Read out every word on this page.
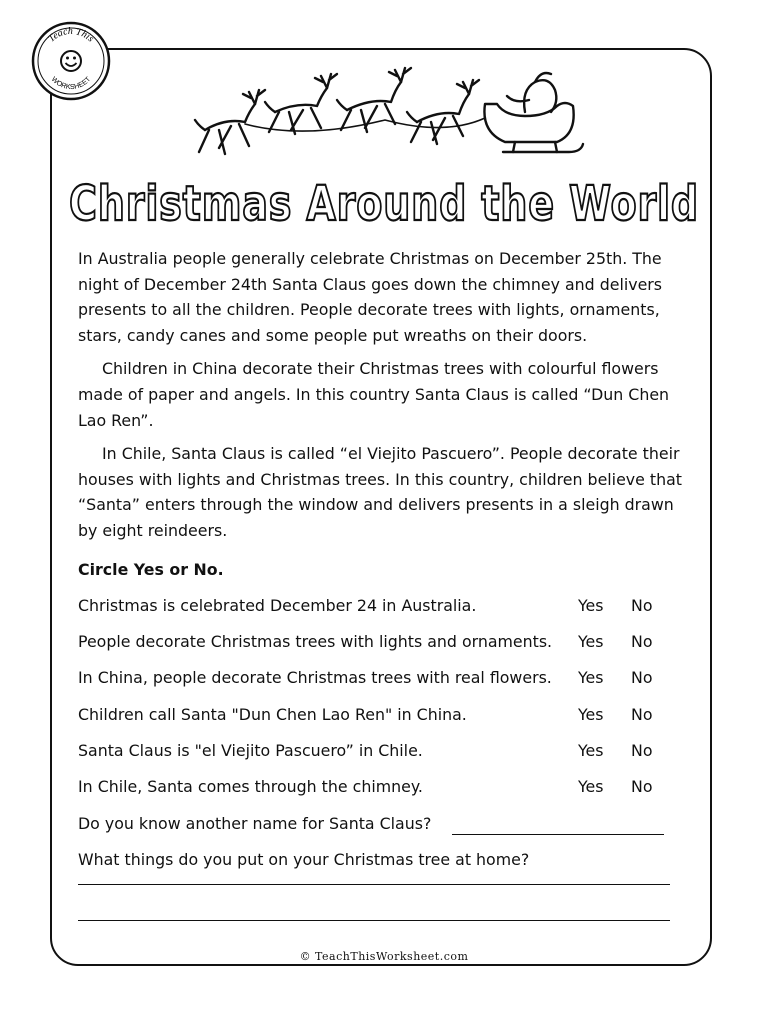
Teach This
WORKSHEET
Christmas Around the World

In Australia people generally celebrate Christmas on December 25th. The night of December 24th Santa Claus goes down the chimney and delivers presents to all the children. People decorate trees with lights, ornaments, stars, candy canes and some people put wreaths on their doors.

Children in China decorate their Christmas trees with colourful flowers made of paper and angels. In this country Santa Claus is called “Dun Chen Lao Ren”.

In Chile, Santa Claus is called “el Viejito Pascuero”. People decorate their houses with lights and Christmas trees. In this country, children believe that “Santa” enters through the window and delivers presents in a sleigh drawn by eight reindeers.

Circle Yes or No.
Christmas is celebrated December 24 in Australia.	Yes No
People decorate Christmas trees with lights and ornaments. Yes No
In China, people decorate Christmas trees with real flowers. Yes No
Children call Santa "Dun Chen Lao Ren" in China.	Yes No
Santa Claus is "el Viejito Pascuero” in Chile.	Yes No
In Chile, Santa comes through the chimney.	Yes No
Do you know another name for Santa Claus?
What things do you put on your Christmas tree at home?
© TeachThisWorksheet.com
